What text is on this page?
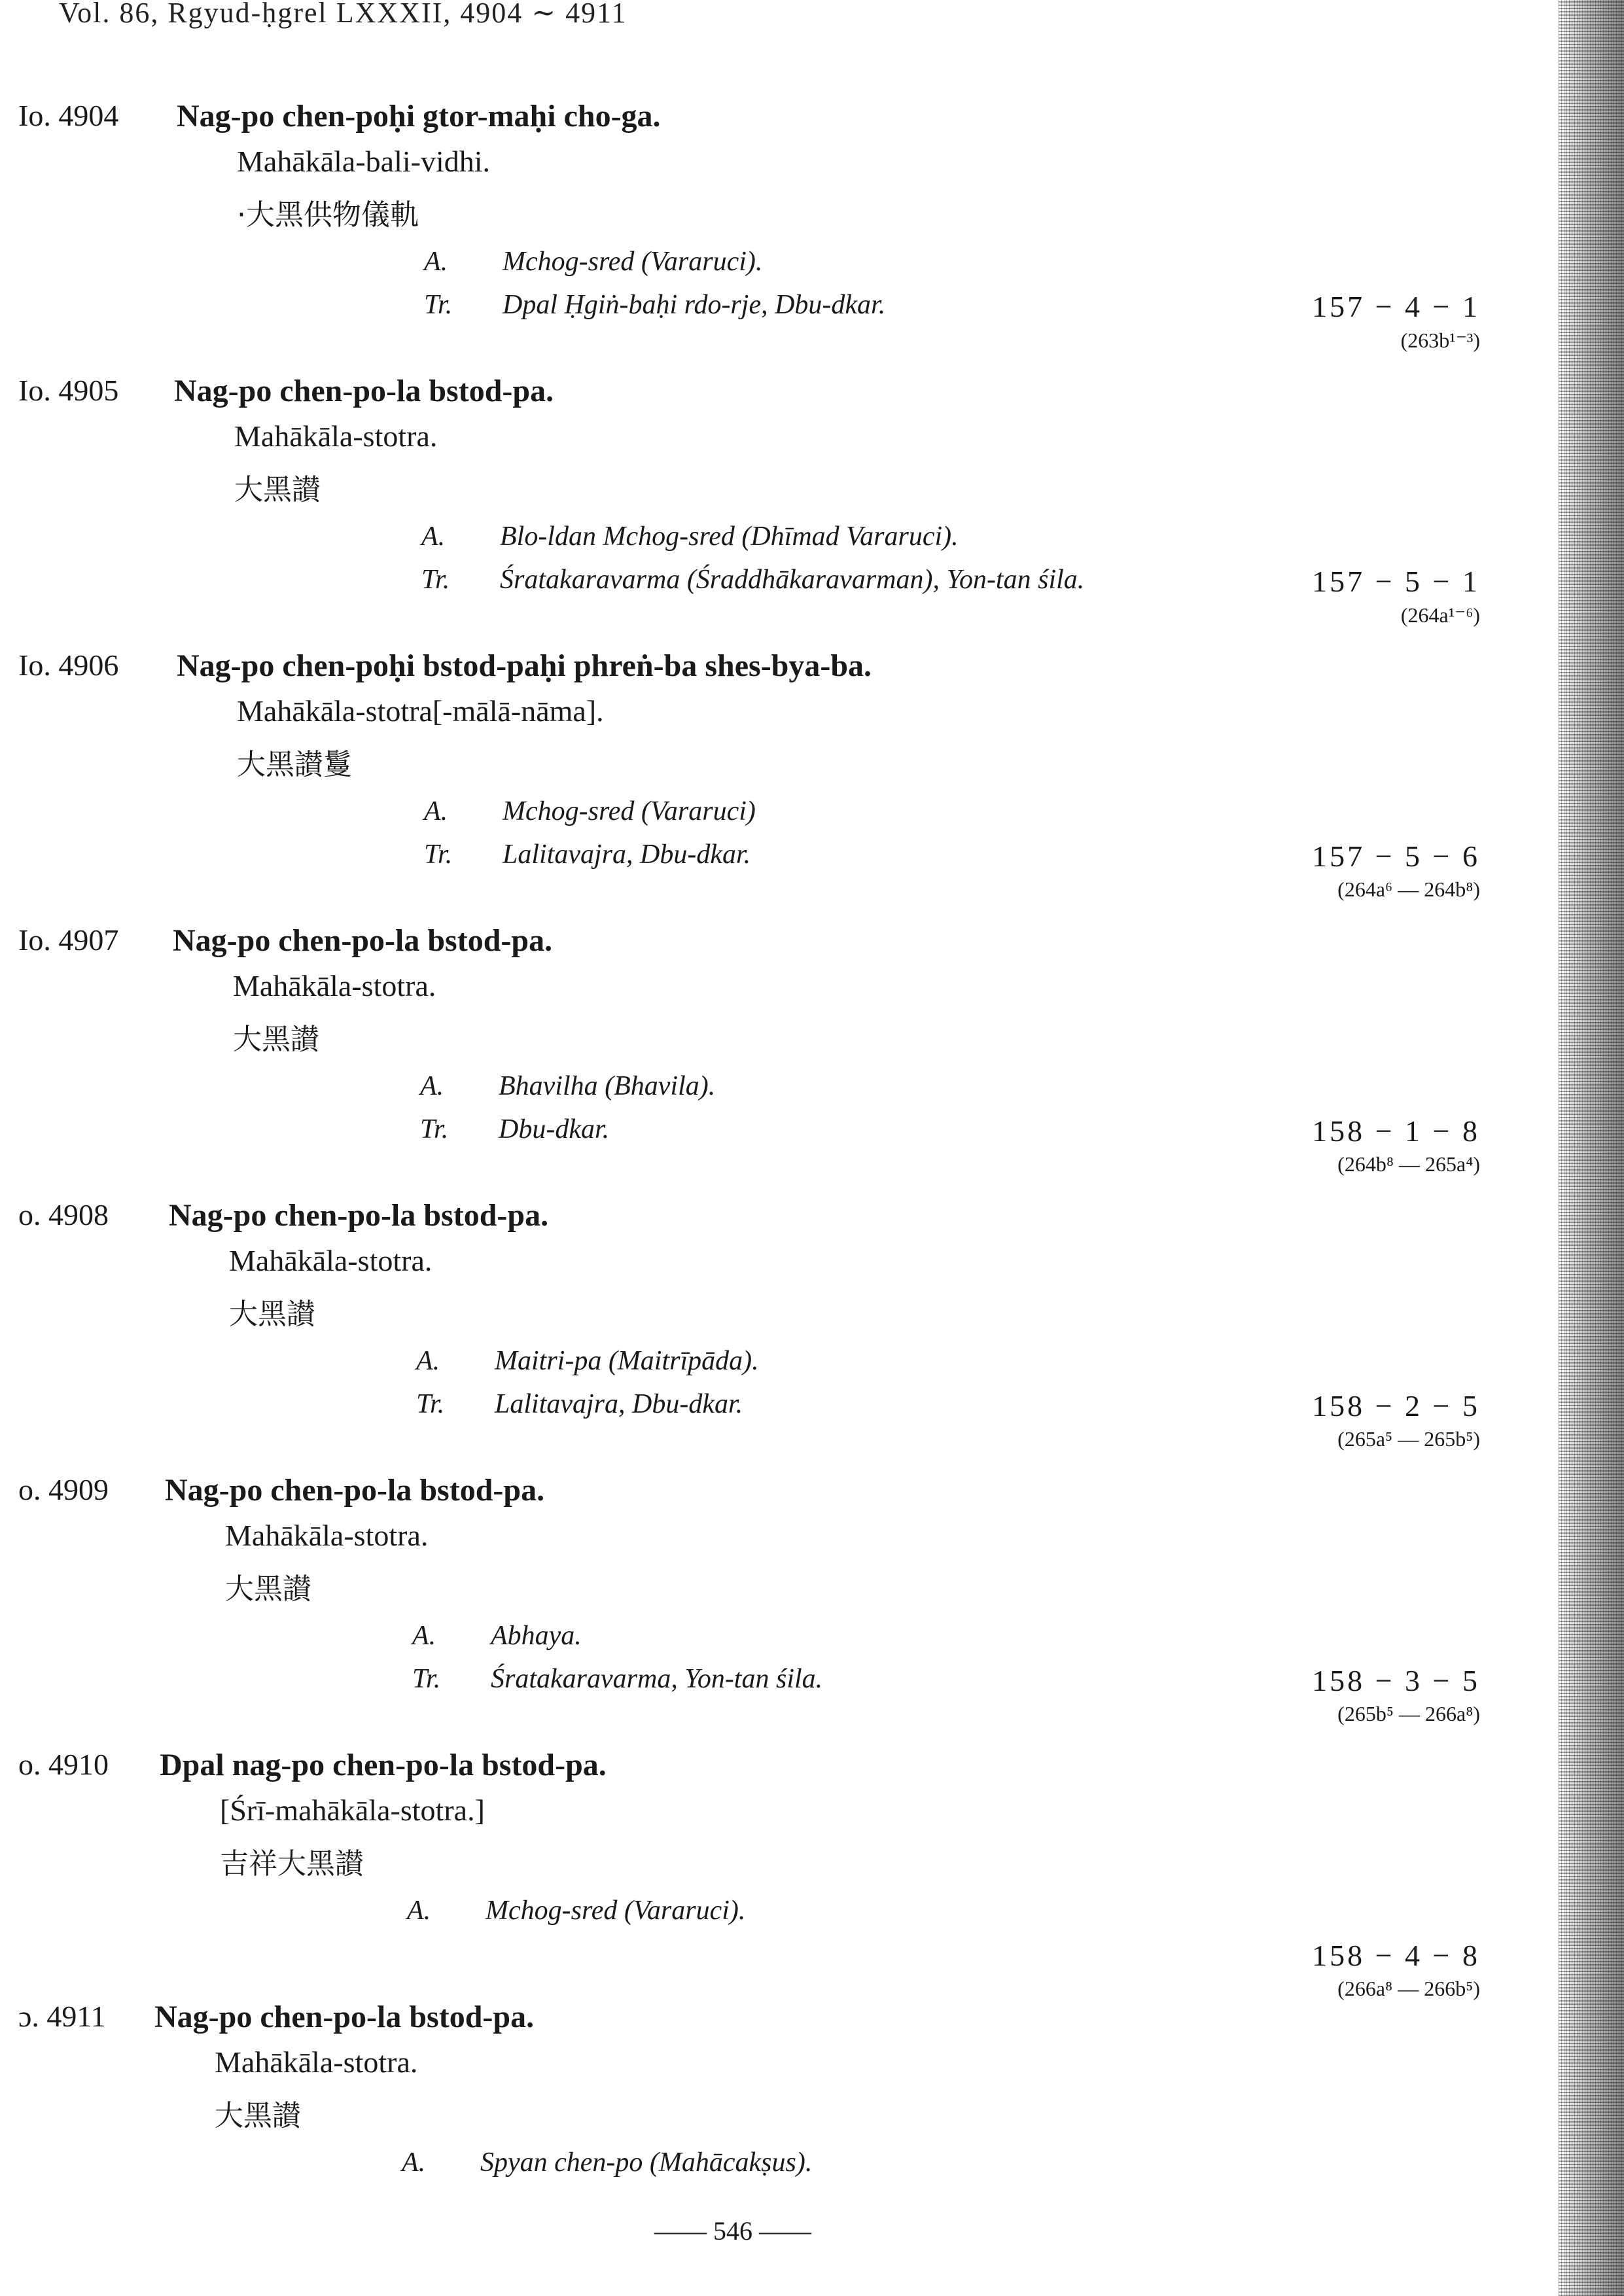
Vol. 86, Rgyud-ḥgrel LXXXII, 4904 ∼ 4911
Io. 4904 Nag-po chen-poḥi gtor-maḥi cho-ga.
Mahākāla-bali-vidhi.
·大黑供物儀軌
A. Mchog-sred (Vararuci).
Tr. Dpal Ḥgiṅ-baḥi rdo-rje, Dbu-dkar.	157 − 4 − 1
(263b¹⁻³)
Io. 4905 Nag-po chen-po-la bstod-pa.
Mahākāla-stotra.
大黑讃
A. Blo-ldan Mchog-sred (Dhīmad Vararuci).
Tr. Śratakaravarma (Śraddhākaravarman), Yon-tan śila.	157 − 5 − 1
(264a¹⁻⁶)
Io. 4906 Nag-po chen-poḥi bstod-paḥi phreṅ-ba shes-bya-ba.
Mahākāla-stotra[-mālā-nāma].
大黑讃鬘
A. Mchog-sred (Vararuci)
Tr. Lalitavajra, Dbu-dkar.	157 − 5 − 6
(264a⁶ — 264b⁸)
Io. 4907 Nag-po chen-po-la bstod-pa.
Mahākāla-stotra.
大黑讃
A. Bhavilha (Bhavila).
Tr. Dbu-dkar.	158 − 1 − 8
(264b⁸ — 265a⁴)
o. 4908 Nag-po chen-po-la bstod-pa.
Mahākāla-stotra.
大黑讃
A. Maitri-pa (Maitrīpāda).
Tr. Lalitavajra, Dbu-dkar.	158 − 2 − 5
(265a⁵ — 265b⁵)
o. 4909 Nag-po chen-po-la bstod-pa.
Mahākāla-stotra.
大黑讃
A. Abhaya.
Tr. Śratakaravarma, Yon-tan śila.	158 − 3 − 5
(265b⁵ — 266a⁸)
o. 4910 Dpal nag-po chen-po-la bstod-pa.
[Śrī-mahākāla-stotra.]
吉祥大黑讃
A. Mchog-sred (Vararuci).
158 − 4 − 8
(266a⁸ — 266b⁵)
ɔ. 4911 Nag-po chen-po-la bstod-pa.
Mahākāla-stotra.
大黑讃
A. Spyan chen-po (Mahācakṣus).
—— 546 ——
